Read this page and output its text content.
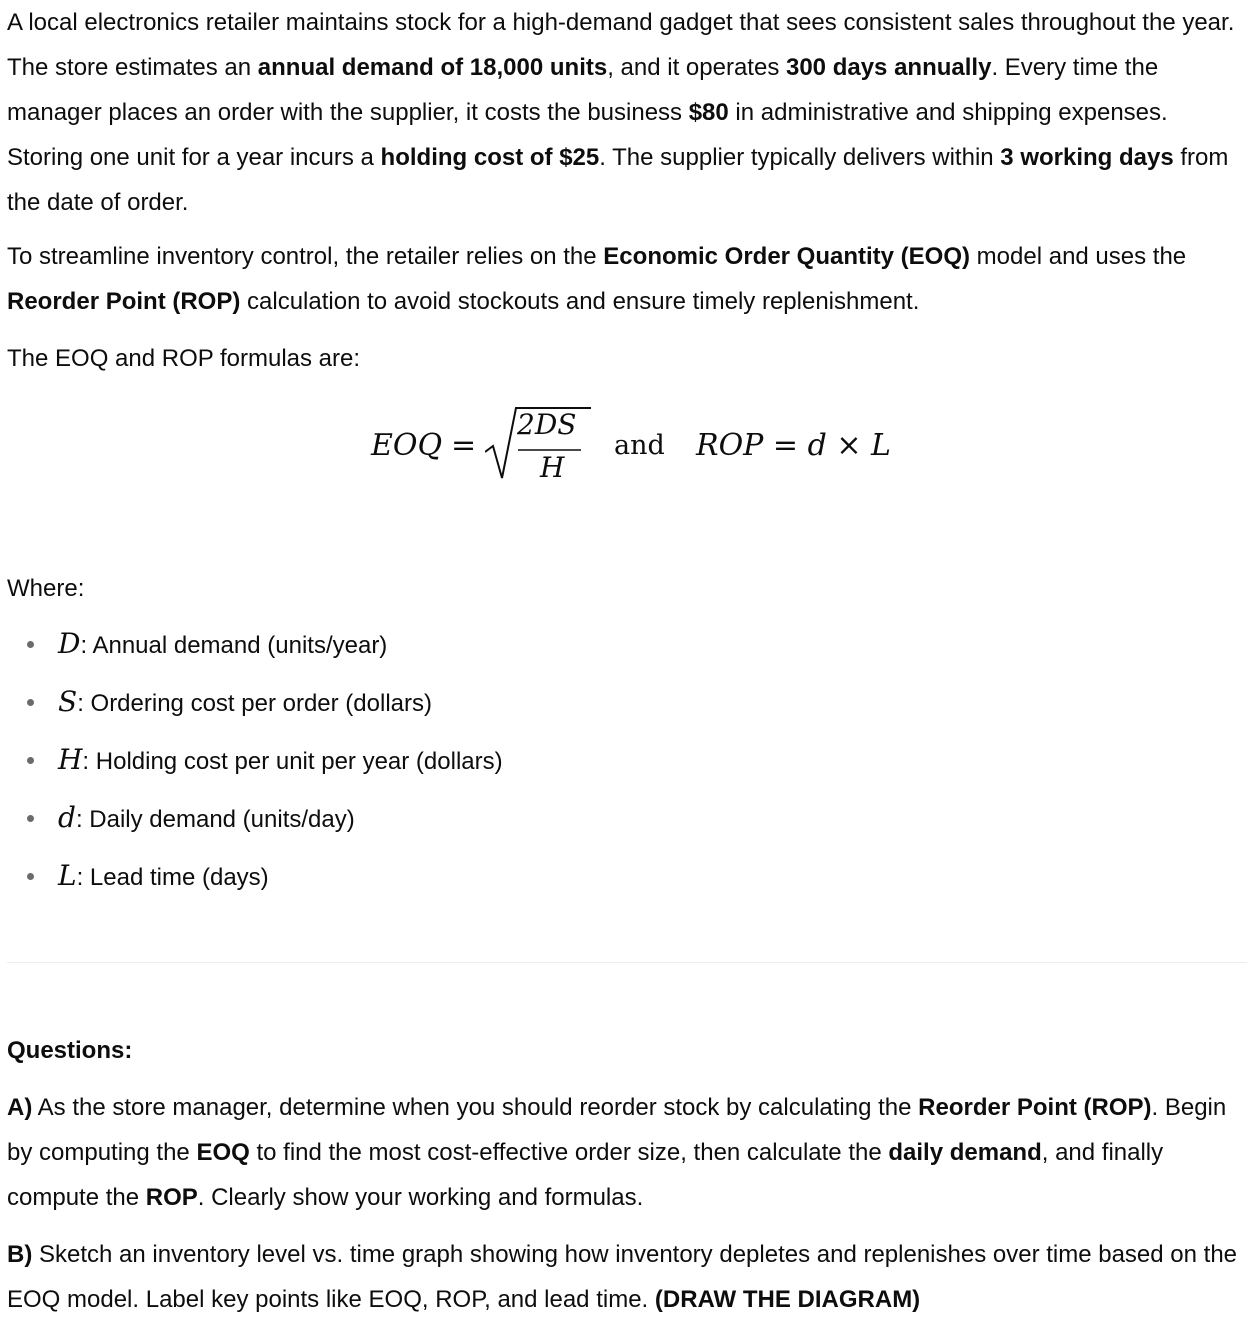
A local electronics retailer maintains stock for a high-demand gadget that sees consistent sales throughout the year. The store estimates an annual demand of 18,000 units, and it operates 300 days annually. Every time the manager places an order with the supplier, it costs the business $80 in administrative and shipping expenses. Storing one unit for a year incurs a holding cost of $25. The supplier typically delivers within 3 working days from the date of order.

To streamline inventory control, the retailer relies on the Economic Order Quantity (EOQ) model and uses the Reorder Point (ROP) calculation to avoid stockouts and ensure timely replenishment.

The EOQ and ROP formulas are:

EOQ =
2DS
H
and ROP = d × L

Where:

D: Annual demand (units/year)
S: Ordering cost per order (dollars)
H: Holding cost per unit per year (dollars)
d: Daily demand (units/day)
L: Lead time (days)

Questions:

A) As the store manager, determine when you should reorder stock by calculating the Reorder Point (ROP). Begin by computing the EOQ to find the most cost-effective order size, then calculate the daily demand, and finally compute the ROP. Clearly show your working and formulas.

B) Sketch an inventory level vs. time graph showing how inventory depletes and replenishes over time based on the EOQ model. Label key points like EOQ, ROP, and lead time. (DRAW THE DIAGRAM)
